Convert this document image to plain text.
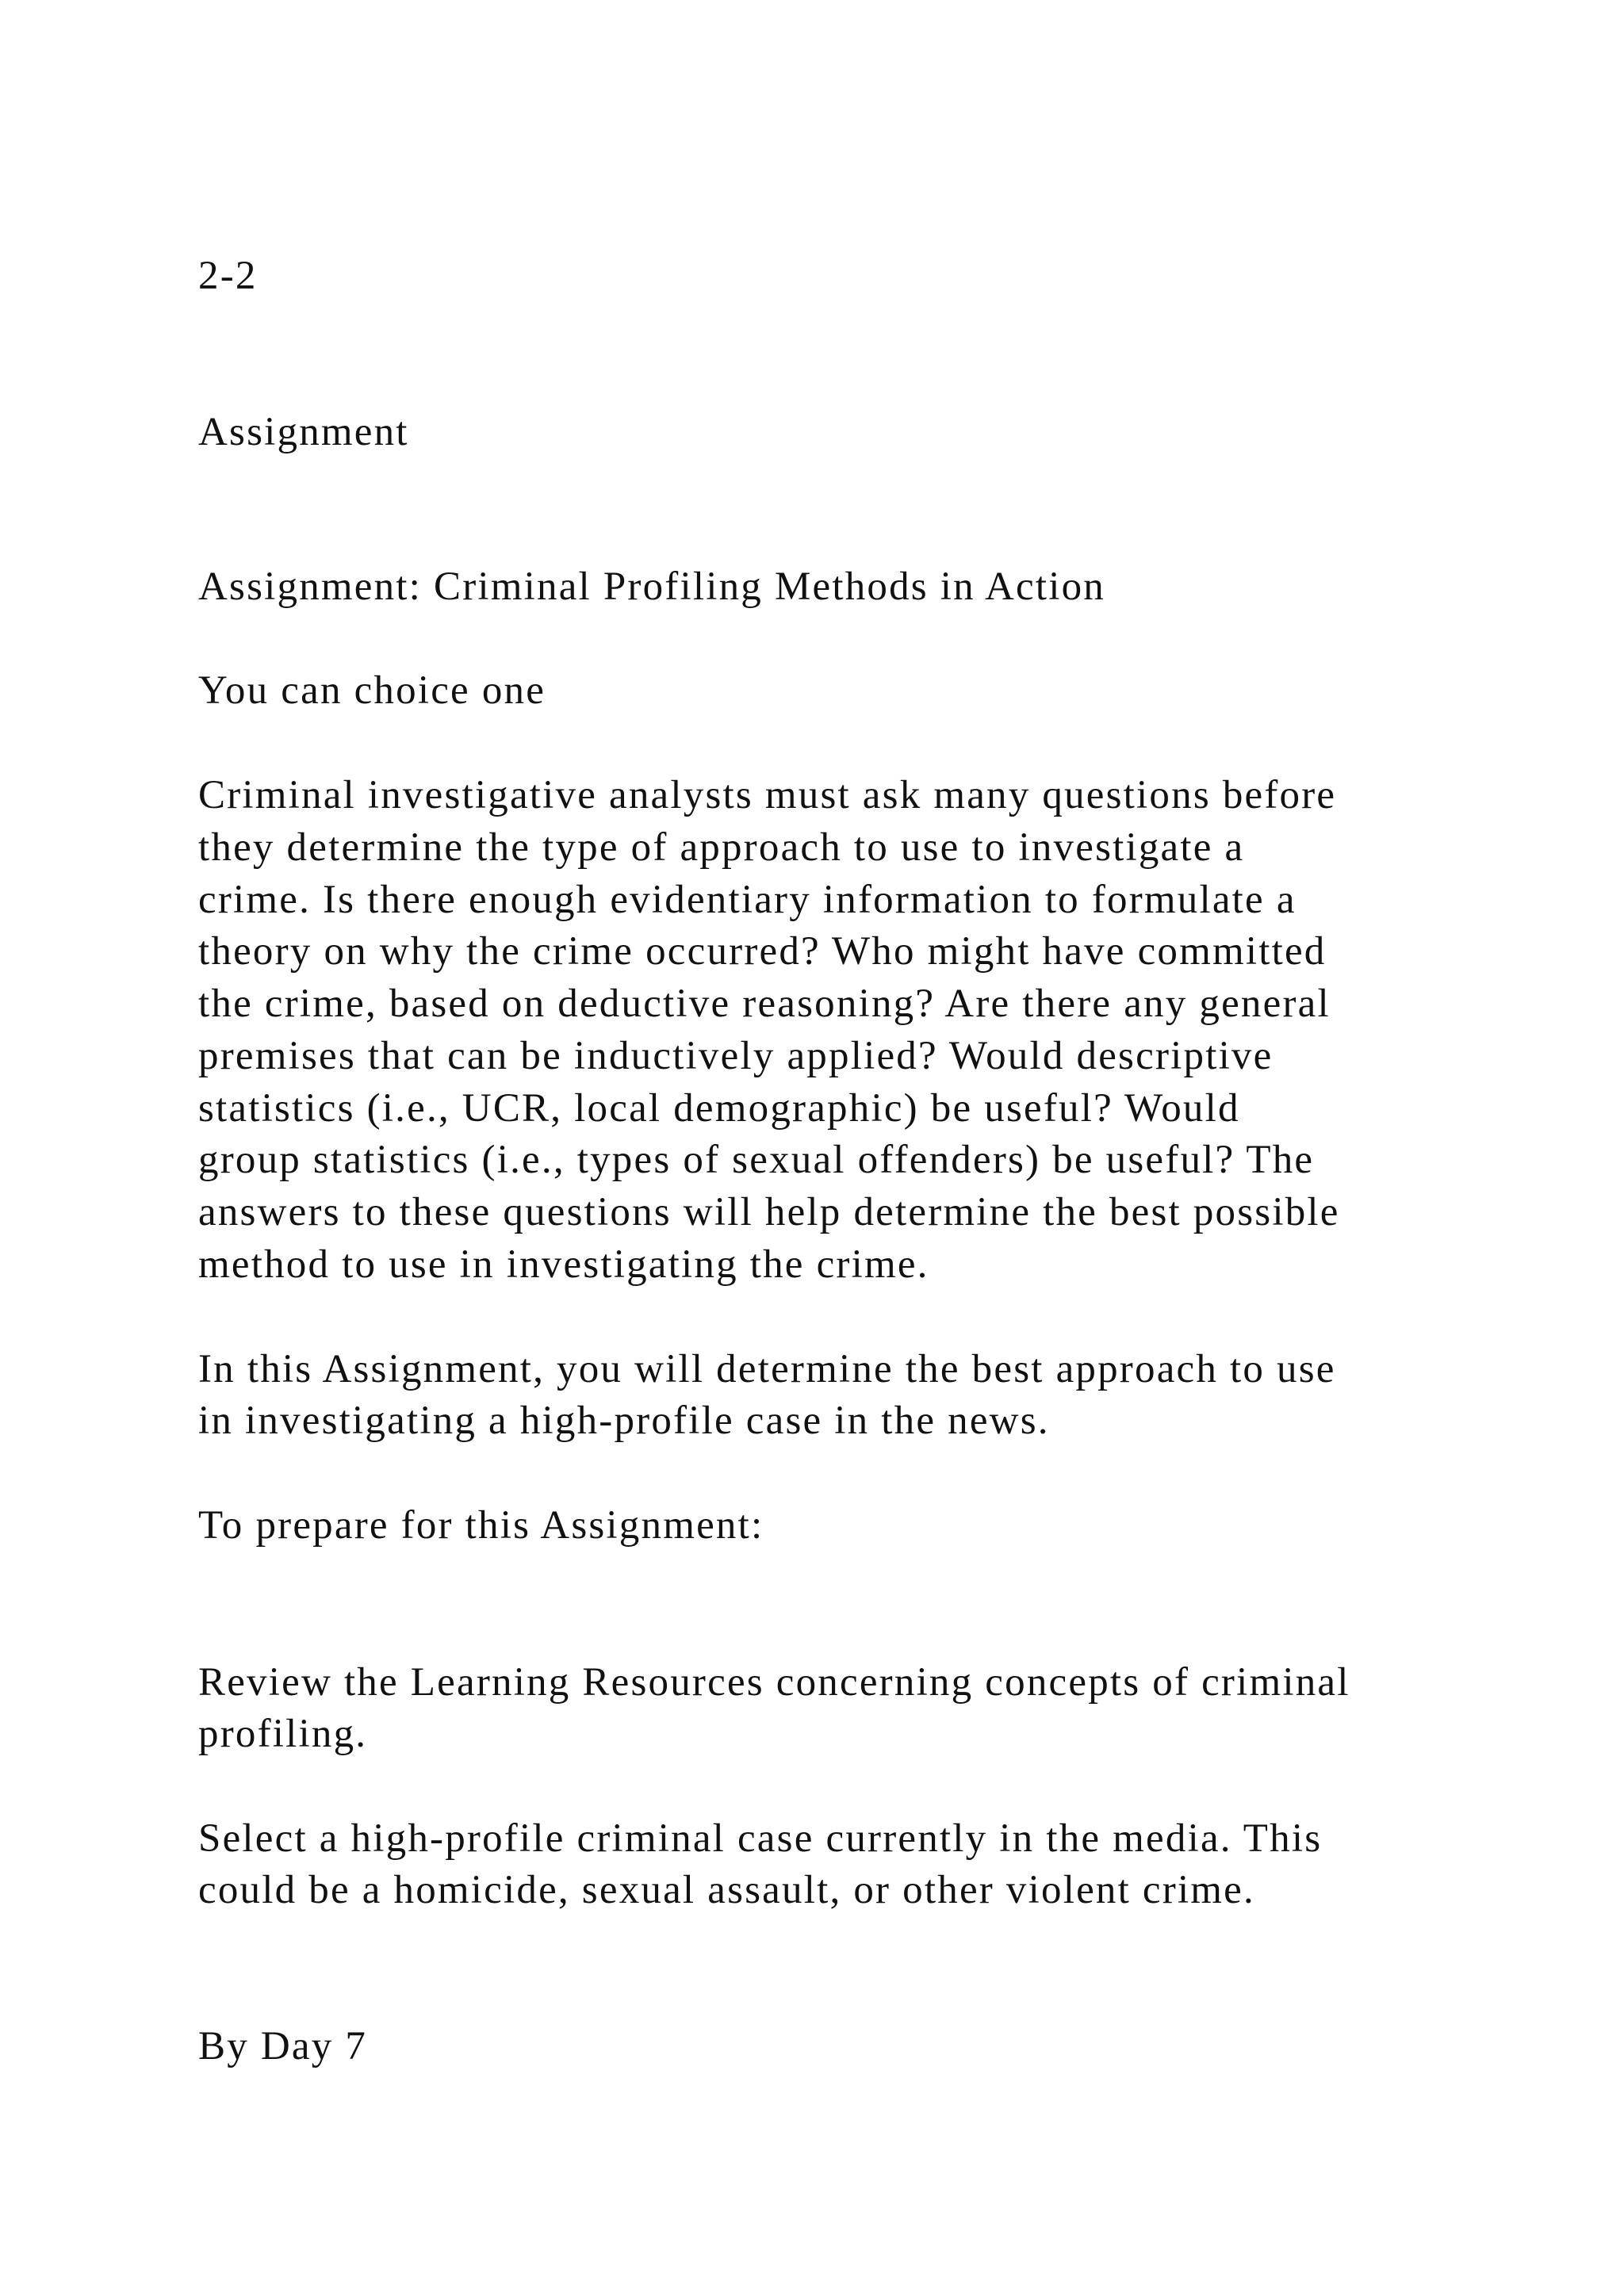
2-2

Assignment

Assignment: Criminal Profiling Methods in Action

You can choice one

Criminal investigative analysts must ask many questions before

they determine the type of approach to use to investigate a

crime. Is there enough evidentiary information to formulate a

theory on why the crime occurred? Who might have committed

the crime, based on deductive reasoning? Are there any general

premises that can be inductively applied? Would descriptive

statistics (i.e., UCR, local demographic) be useful? Would

group statistics (i.e., types of sexual offenders) be useful? The

answers to these questions will help determine the best possible

method to use in investigating the crime.

In this Assignment, you will determine the best approach to use

in investigating a high-profile case in the news.

To prepare for this Assignment:

Review the Learning Resources concerning concepts of criminal

profiling.

Select a high-profile criminal case currently in the media. This

could be a homicide, sexual assault, or other violent crime.

By Day 7
